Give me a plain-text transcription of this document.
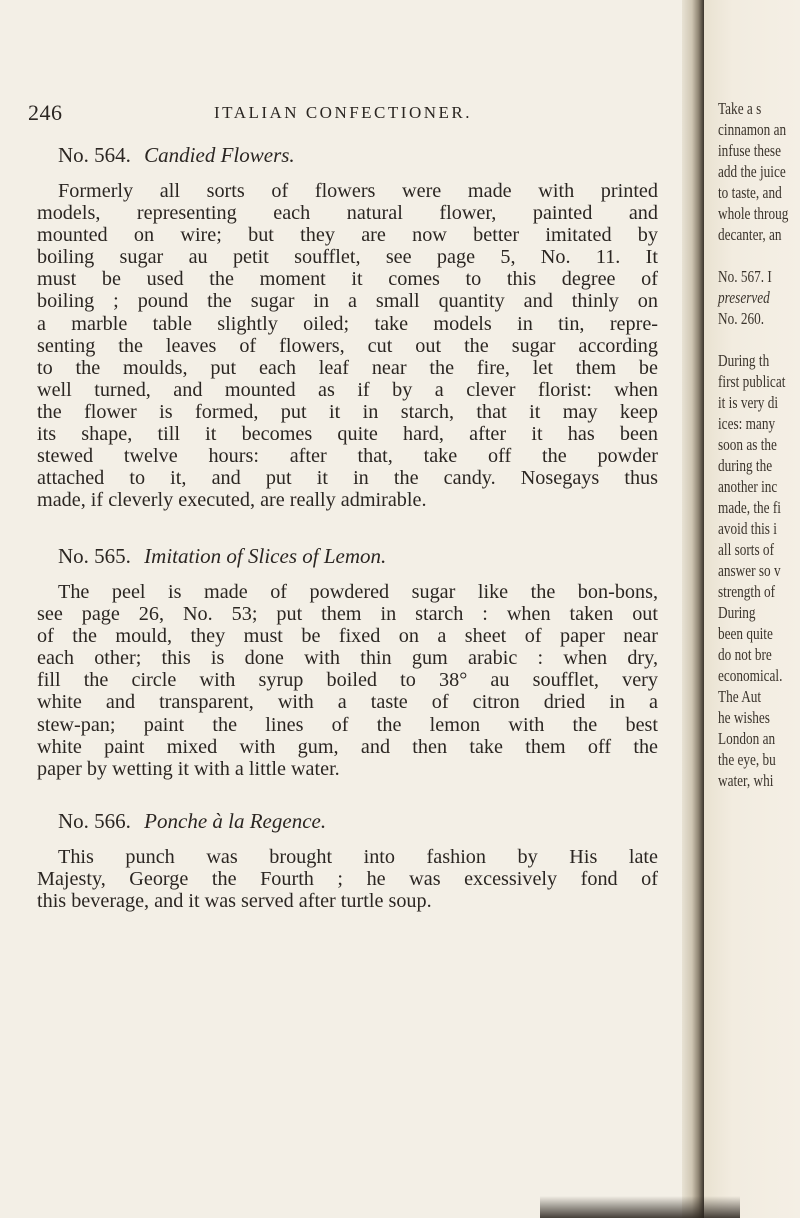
246	ITALIAN CONFECTIONER.
No. 564. Candied Flowers.
Formerly all sorts of flowers were made with printed
models, representing each natural flower, painted and
mounted on wire; but they are now better imitated by
boiling sugar au petit soufflet, see page 5, No. 11. It
must be used the moment it comes to this degree of
boiling ; pound the sugar in a small quantity and thinly on
a marble table slightly oiled; take models in tin, repre-
senting the leaves of flowers, cut out the sugar according
to the moulds, put each leaf near the fire, let them be
well turned, and mounted as if by a clever florist: when
the flower is formed, put it in starch, that it may keep
its shape, till it becomes quite hard, after it has been
stewed twelve hours: after that, take off the powder
attached to it, and put it in the candy. Nosegays thus
made, if cleverly executed, are really admirable.
No. 565. Imitation of Slices of Lemon.
The peel is made of powdered sugar like the bon-bons,
see page 26, No. 53; put them in starch : when taken out
of the mould, they must be fixed on a sheet of paper near
each other; this is done with thin gum arabic : when dry,
fill the circle with syrup boiled to 38° au soufflet, very
white and transparent, with a taste of citron dried in a
stew-pan; paint the lines of the lemon with the best
white paint mixed with gum, and then take them off the
paper by wetting it with a little water.
No. 566. Ponche à la Regence.
This punch was brought into fashion by His late
Majesty, George the Fourth ; he was excessively fond of
this beverage, and it was served after turtle soup.
Take a s
cinnamon an
infuse these
add the juice
to taste, and
whole throug
decanter, an

No. 567. I
preserved
No. 260.

During th
first publicat
it is very di
ices: many
soon as the
during the
another inc
made, the fi
avoid this i
all sorts of
answer so v
strength of
During
been quite
do not bre
economical.
The Aut
he wishes
London an
the eye, bu
water, whi
